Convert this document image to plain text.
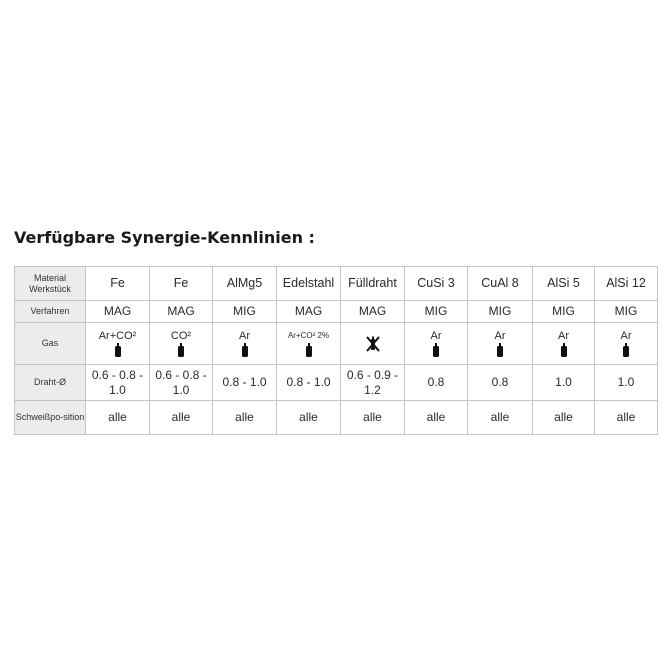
Verfügbare Synergie-Kennlinien :
Material Werkstück	Fe	Fe	AlMg5	Edelstahl	Fülldraht	CuSi 3	CuAl 8	AlSi 5	AlSi 12
Verfahren	MAG	MAG	MIG	MAG	MAG	MIG	MIG	MIG	MIG
Gas	Ar+CO²	CO²	Ar	Ar+CO² 2%		Ar	Ar	Ar	Ar

Draht-Ø	0.6 - 0.8 - 1.0	0.6 - 0.8 - 1.0	0.8 - 1.0	0.8 - 1.0	0.6 - 0.9 - 1.2	0.8	0.8	1.0	1.0
Schweißpo-sition	alle	alle	alle	alle	alle	alle	alle	alle	alle
